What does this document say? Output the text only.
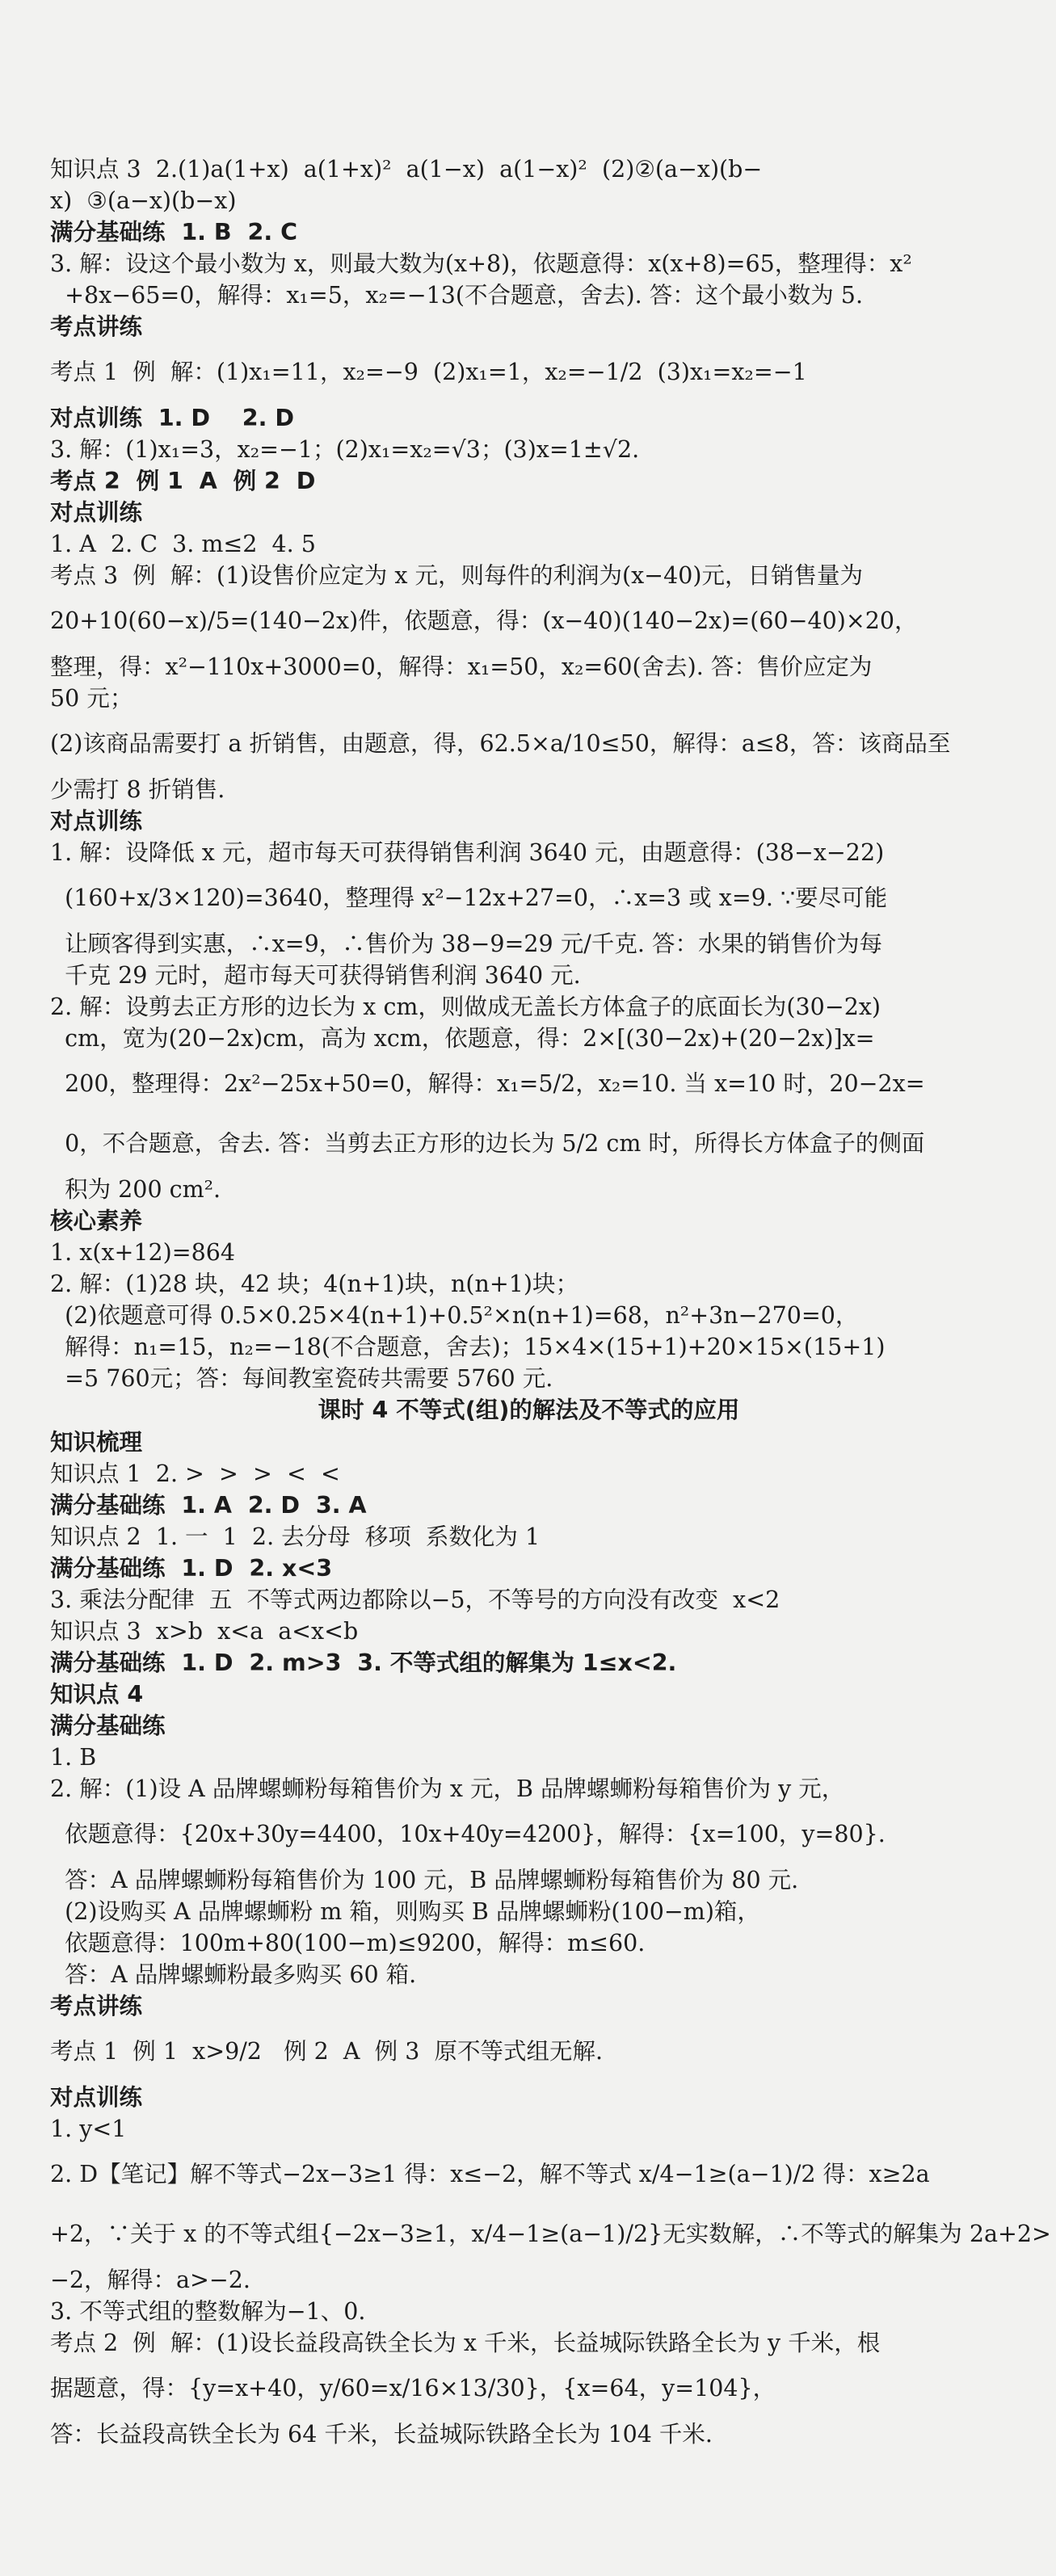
知识点 3  2.(1)a(1+x)  a(1+x)²  a(1−x)  a(1−x)²  (2)②(a−x)(b−
x)  ③(a−x)(b−x)
满分基础练  1. B  2. C
3. 解：设这个最小数为 x，则最大数为(x+8)，依题意得：x(x+8)=65，整理得：x²
+8x−65=0，解得：x₁=5，x₂=−13(不合题意，舍去). 答：这个最小数为 5.
考点讲练
考点 1  例  解：(1)x₁=11，x₂=−9  (2)x₁=1，x₂=−1/2  (3)x₁=x₂=−1
对点训练  1. D    2. D
3. 解：(1)x₁=3，x₂=−1；(2)x₁=x₂=√3；(3)x=1±√2.
考点 2  例 1  A  例 2  D
对点训练
1. A  2. C  3. m≤2  4. 5
考点 3  例  解：(1)设售价应定为 x 元，则每件的利润为(x−40)元，日销售量为
20+10(60−x)/5=(140−2x)件，依题意，得：(x−40)(140−2x)=(60−40)×20，
整理，得：x²−110x+3000=0，解得：x₁=50，x₂=60(舍去). 答：售价应定为
50 元；
(2)该商品需要打 a 折销售，由题意，得，62.5×a/10≤50，解得：a≤8，答：该商品至
少需打 8 折销售.
对点训练
1. 解：设降低 x 元，超市每天可获得销售利润 3640 元，由题意得：(38−x−22)
(160+x/3×120)=3640，整理得 x²−12x+27=0，∴x=3 或 x=9. ∵要尽可能
让顾客得到实惠，∴x=9，∴售价为 38−9=29 元/千克. 答：水果的销售价为每
千克 29 元时，超市每天可获得销售利润 3640 元.
2. 解：设剪去正方形的边长为 x cm，则做成无盖长方体盒子的底面长为(30−2x)
cm，宽为(20−2x)cm，高为 xcm，依题意，得：2×[(30−2x)+(20−2x)]x=
200，整理得：2x²−25x+50=0，解得：x₁=5/2，x₂=10. 当 x=10 时，20−2x=
0，不合题意，舍去. 答：当剪去正方形的边长为 5/2 cm 时，所得长方体盒子的侧面
积为 200 cm².
核心素养
1. x(x+12)=864
2. 解：(1)28 块，42 块；4(n+1)块，n(n+1)块；
(2)依题意可得 0.5×0.25×4(n+1)+0.5²×n(n+1)=68，n²+3n−270=0，
解得：n₁=15，n₂=−18(不合题意，舍去)；15×4×(15+1)+20×15×(15+1)
=5 760元；答：每间教室瓷砖共需要 5760 元.
课时 4 不等式(组)的解法及不等式的应用
知识梳理
知识点 1  2. >  >  >  <  <
满分基础练  1. A  2. D  3. A
知识点 2  1. 一  1  2. 去分母  移项  系数化为 1
满分基础练  1. D  2. x<3
3. 乘法分配律  五  不等式两边都除以−5，不等号的方向没有改变  x<2
知识点 3  x>b  x<a  a<x<b
满分基础练  1. D  2. m>3  3. 不等式组的解集为 1≤x<2.
知识点 4
满分基础练
1. B
2. 解：(1)设 A 品牌螺蛳粉每箱售价为 x 元，B 品牌螺蛳粉每箱售价为 y 元，
依题意得：{20x+30y=4400，10x+40y=4200}，解得：{x=100，y=80}.
答：A 品牌螺蛳粉每箱售价为 100 元，B 品牌螺蛳粉每箱售价为 80 元.
(2)设购买 A 品牌螺蛳粉 m 箱，则购买 B 品牌螺蛳粉(100−m)箱，
依题意得：100m+80(100−m)≤9200，解得：m≤60.
答：A 品牌螺蛳粉最多购买 60 箱.
考点讲练
考点 1  例 1  x>9/2   例 2  A  例 3  原不等式组无解.
对点训练
1. y<1
2. D【笔记】解不等式−2x−3≥1 得：x≤−2，解不等式 x/4−1≥(a−1)/2 得：x≥2a
+2，∵关于 x 的不等式组{−2x−3≥1，x/4−1≥(a−1)/2}无实数解，∴不等式的解集为 2a+2>
−2，解得：a>−2.
3. 不等式组的整数解为−1、0.
考点 2  例  解：(1)设长益段高铁全长为 x 千米，长益城际铁路全长为 y 千米，根
据题意，得：{y=x+40，y/60=x/16×13/30}，{x=64，y=104}，
答：长益段高铁全长为 64 千米，长益城际铁路全长为 104 千米.
